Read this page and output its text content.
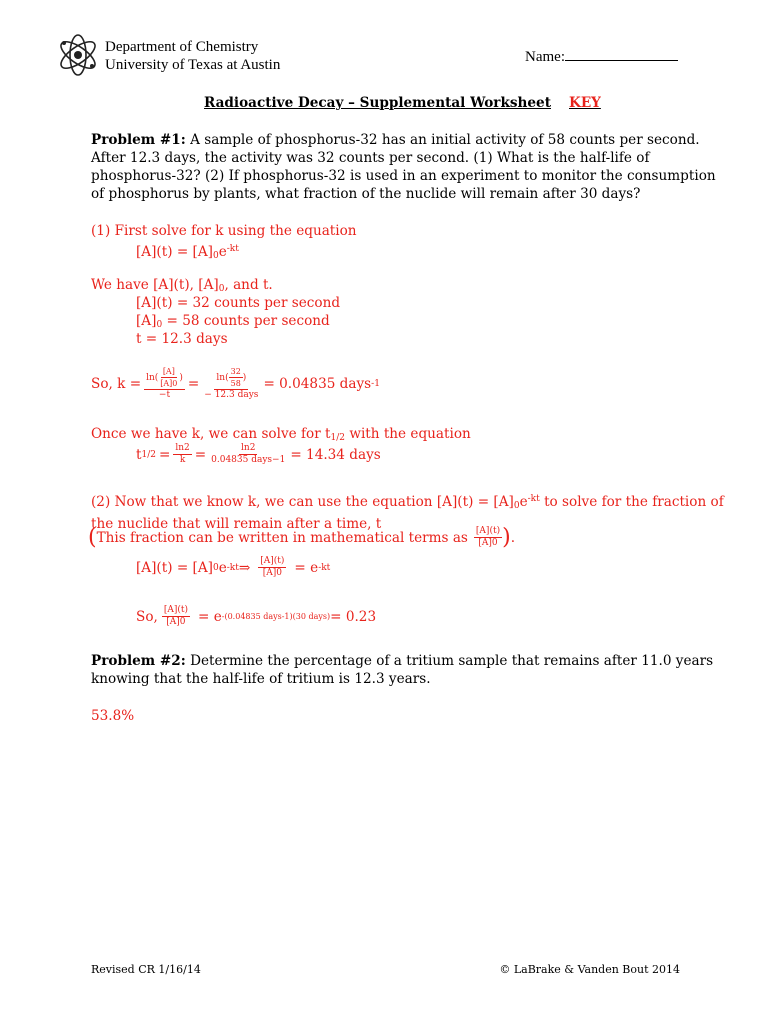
Department of Chemistry
University of Texas at Austin	Name:
Radioactive Decay – Supplemental Worksheet KEY
Problem #1: A sample of phosphorus-32 has an initial activity of 58 counts per second.
After 12.3 days, the activity was 32 counts per second. (1) What is the half-life of
phosphorus-32? (2) If phosphorus-32 is used in an experiment to monitor the consumption
of phosphorus by plants, what fraction of the nuclide will remain after 30 days?
(1) First solve for k using the equation
$[A](t) = [A]_0e^{-kt}$
We have [A](t), $[A]_0$, and t.
[A](t) = 32 counts per second
$[A]_0 = 58$ counts per second
t = 12.3 days
So, $k = \frac{\ln( \frac{[A]}{[A]0} )}{-t} = \frac{\ln( \frac{32}{58} )}{\text{− 12.3 days}} = 0.04835$ days -1
Once we have k, we can solve for $t_{1/2}$ with the equation
t $1/2 = \frac{\ln 2}{k} = \frac{\ln 2}{\text{0.04835 days−1}} = 14.34$ days
(2) Now that we know k, we can use the equation $[A](t) = [A]_0e^{-kt}$ to solve for the fraction of
the nuclide that will remain after a time, t
( This fraction can be written in mathematical terms as $\frac{[A](t)}{[A]0}$ ) .
[A](t) = [A] 0 e -kt ⇒ $\frac{[A](t)}{[A]0} = e$ -kt
So, $\frac{[A](t)}{[A]0} = e$ -(0.04835 days-1)(30 days) = 0.23
Problem #2: Determine the percentage of a tritium sample that remains after 11.0 years
knowing that the half-life of tritium is 12.3 years.
53.8%
Revised CR 1/16/14	© LaBrake & Vanden Bout 2014
